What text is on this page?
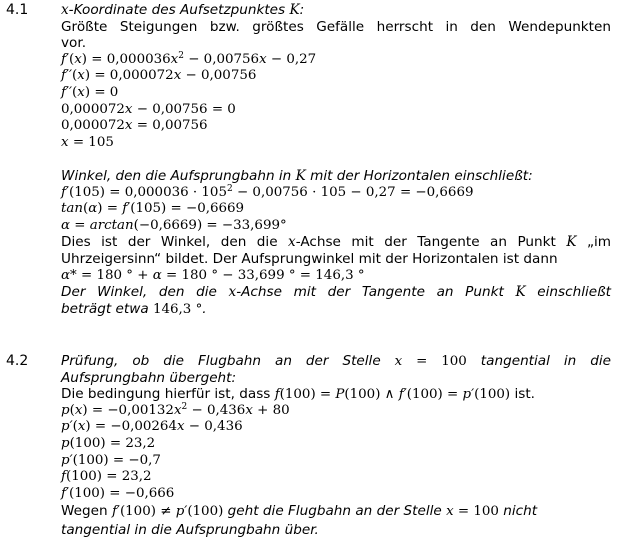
4.1 x-Koordinate des Aufsetzpunktes K:
Größte Steigungen bzw. größtes Gefälle herrscht in den Wendepunkten
vor.
$f'(x) = 0,000036x^2 - 0,00756x - 0,27$
f′′(x) = 0,000072x − 0,00756
f′′(x) = 0
0,000072x − 0,00756 = 0
0,000072x = 0,00756
x = 105
Winkel, den die Aufsprungbahn in K mit der Horizontalen einschließt:
$f'(105) = 0,000036 \cdot 105^2 - 0,00756 \cdot 105 - 0,27 = -0,6669$
tan(α) = f′(105) = −0,6669
α = arctan(−0,6669) = −33,699°
Dies ist der Winkel, den die x-Achse mit der Tangente an Punkt K „im
Uhrzeigersinn“ bildet. Der Aufsprungwinkel mit der Horizontalen ist dann
α* = 180 ° + α = 180 ° − 33,699 ° = 146,3 °
Der Winkel, den die x-Achse mit der Tangente an Punkt K einschließt
beträgt etwa 146,3 °.
4.2 Prüfung, ob die Flugbahn an der Stelle x = 100 tangential in die
Aufsprungbahn übergeht:
Die bedingung hierfür ist, dass f(100) = P(100) ∧ f′(100) = p′(100) ist.
$p(x) = -0,00132x^2 - 0,436x + 80$
p′(x) = −0,00264x − 0,436
p(100) = 23,2
p′(100) = −0,7
f(100) = 23,2
f′(100) = −0,666
Wegen f′(100) ≠ p′(100) geht die Flugbahn an der Stelle x = 100 nicht
tangential in die Aufsprungbahn über.
